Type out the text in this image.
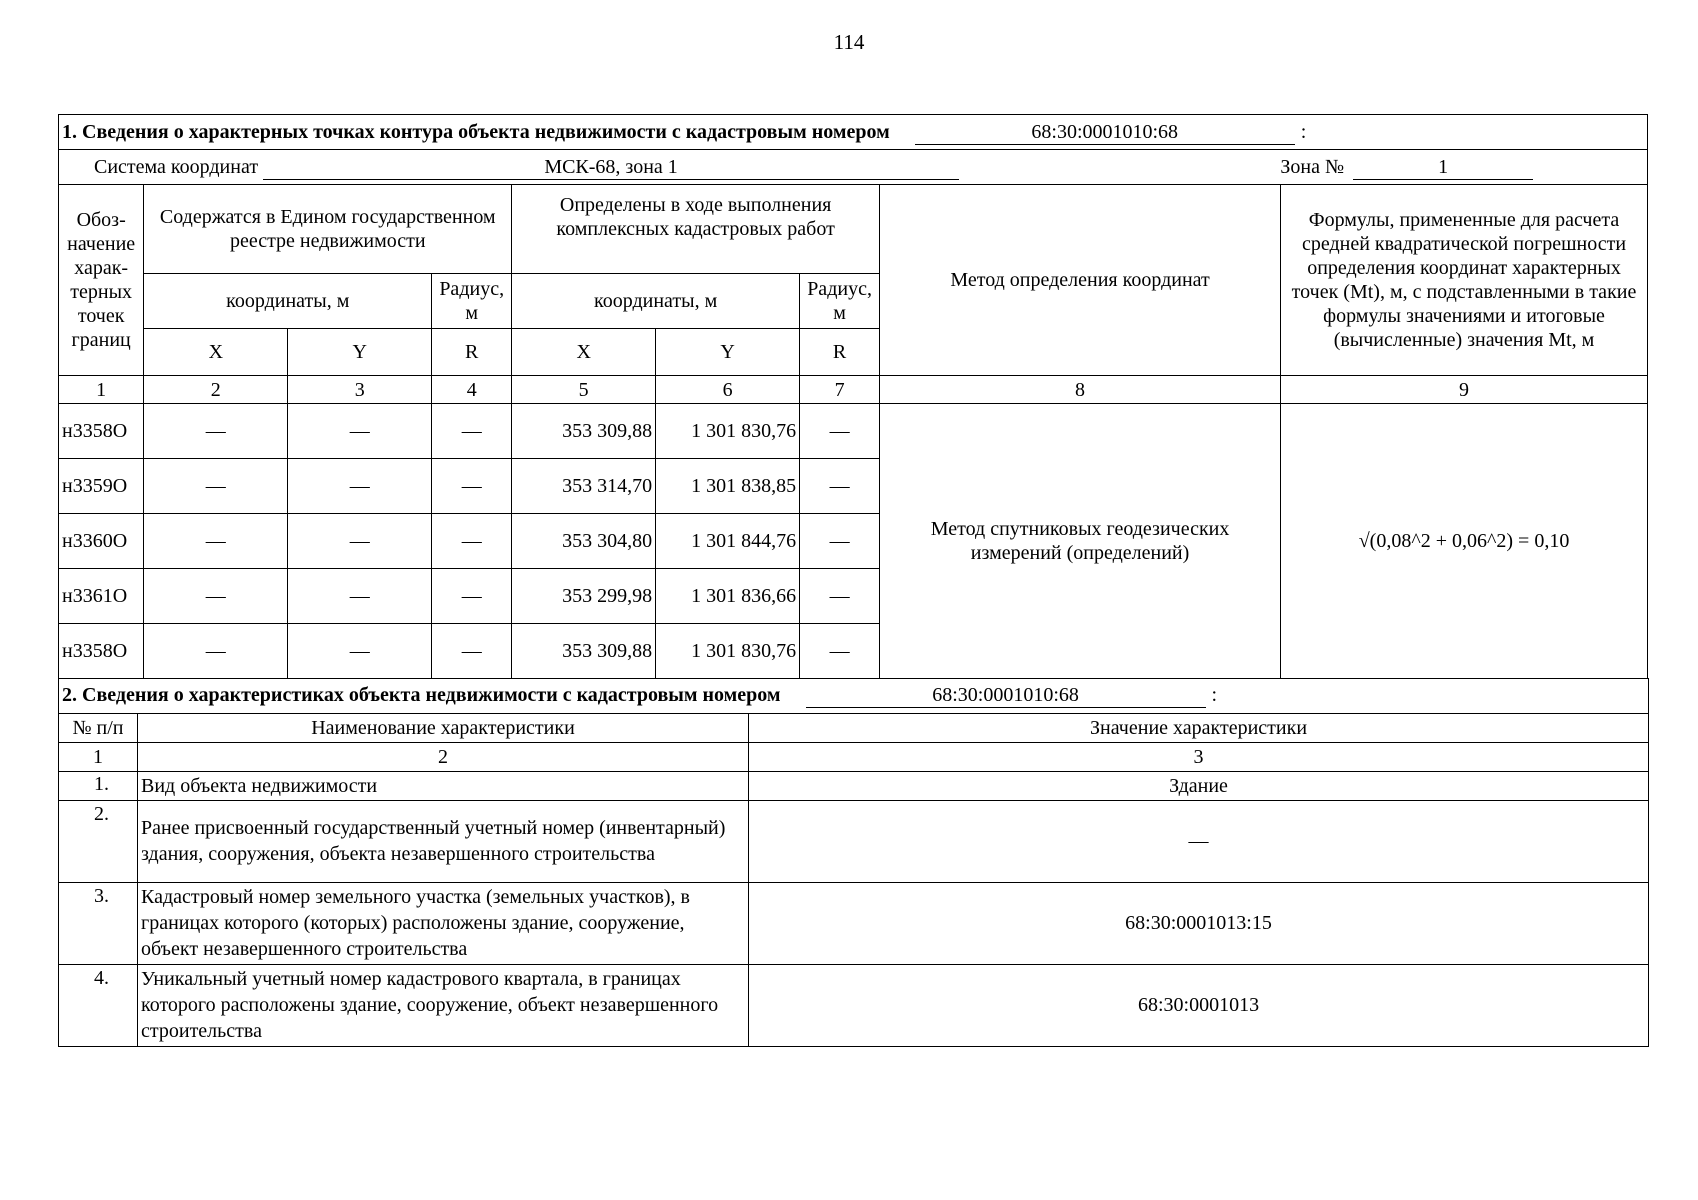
114
1. Сведения о характерных точках контура объекта недвижимости с кадастровым номером 68:30:0001010:68 :								
Система координат МСК-68, зона 1 Зона № 1								
Обоз-начение харак-терных точек границ	Содержатся в Едином государственном реестре недвижимости			Определены в ходе выполнения комплексных кадастровых работ			Метод определения координат	Формулы, примененные для расчета средней квадратической погрешности определения координат характерных точек (Mt), м, с подставленными в такие формулы значениями и итоговые (вычисленные) значения Mt, м
	координаты, м		Радиус, м	координаты, м		Радиус, м		
	X	Y	R	X	Y	R		
1	2	3	4	5	6	7	8	9
н3358О	—	—	—	353 309,88	1 301 830,76	—	Метод спутниковых геодезических измерений (определений)	√(0,08^2 + 0,06^2) = 0,10
н3359О	—	—	—	353 314,70	1 301 838,85	—		
н3360О	—	—	—	353 304,80	1 301 844,76	—		
н3361О	—	—	—	353 299,98	1 301 836,66	—		
н3358О	—	—	—	353 309,88	1 301 830,76	—		
2. Сведения о характеристиках объекта недвижимости с кадастровым номером 68:30:0001010:68 :		
№ п/п	Наименование характеристики	Значение характеристики
1	2	3
1.	Вид объекта недвижимости	Здание
2.	Ранее присвоенный государственный учетный номер (инвентарный) здания, сооружения, объекта незавершенного строительства	—
3.	Кадастровый номер земельного участка (земельных участков), в границах которого (которых) расположены здание, сооружение, объект незавершенного строительства	68:30:0001013:15
4.	Уникальный учетный номер кадастрового квартала, в границах которого расположены здание, сооружение, объект незавершенного строительства	68:30:0001013
